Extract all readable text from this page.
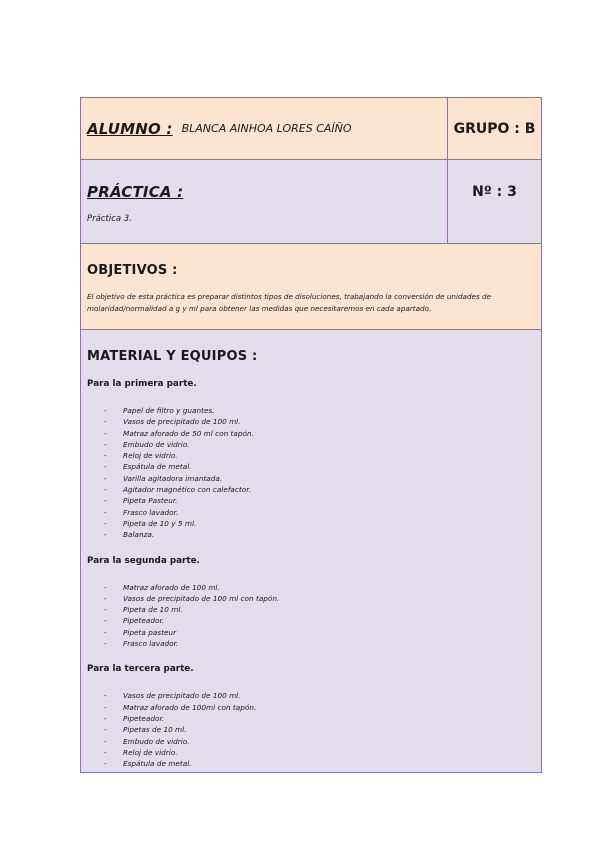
ALUMNO : BLANCA AINHOA LORES CAÍÑO	GRUPO : B
PRÁCTICA :
Práctica 3.
Nº : 3
OBJETIVOS :
El objetivo de esta práctica es preparar distintos tipos de disoluciones, trabajando la conversión de unidades de molaridad/normalidad a g y ml para obtener las medidas que necesitaremos en cada apartado.
MATERIAL Y EQUIPOS :
Para la primera parte.
- Papel de filtro y guantes.
- Vasos de precipitado de 100 ml.
- Matraz aforado de 50 ml con tapón.
- Embudo de vidrio.
- Reloj de vidrio.
- Espátula de metal.
- Varilla agitadora imantada.
- Agitador magnético con calefactor.
- Pipeta Pasteur.
- Frasco lavador.
- Pipeta de 10 y 5 ml.
- Balanza.
Para la segunda parte.
- Matraz aforado de 100 ml.
- Vasos de precipitado de 100 ml con tapón.
- Pipeta de 10 ml.
- Pipeteador.
- Pipeta pasteur
- Frasco lavador.
Para la tercera parte.
- Vasos de precipitado de 100 ml.
- Matraz aforado de 100ml con tapón.
- Pipeteador.
- Pipetas de 10 ml.
- Embudo de vidrio.
- Reloj de vidrio.
- Espátula de metal.
